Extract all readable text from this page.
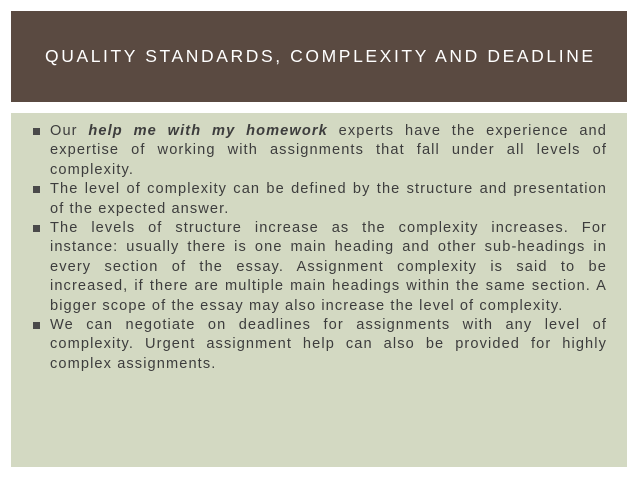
QUALITY STANDARDS, COMPLEXITY AND DEADLINE
Our help me with my homework experts have the experience and expertise of working with assignments that fall under all levels of complexity.
The level of complexity can be defined by the structure and presentation of the expected answer.
The levels of structure increase as the complexity increases. For instance: usually there is one main heading and other sub-headings in every section of the essay. Assignment complexity is said to be increased, if there are multiple main headings within the same section. A bigger scope of the essay may also increase the level of complexity.
We can negotiate on deadlines for assignments with any level of complexity. Urgent assignment help can also be provided for highly complex assignments.
